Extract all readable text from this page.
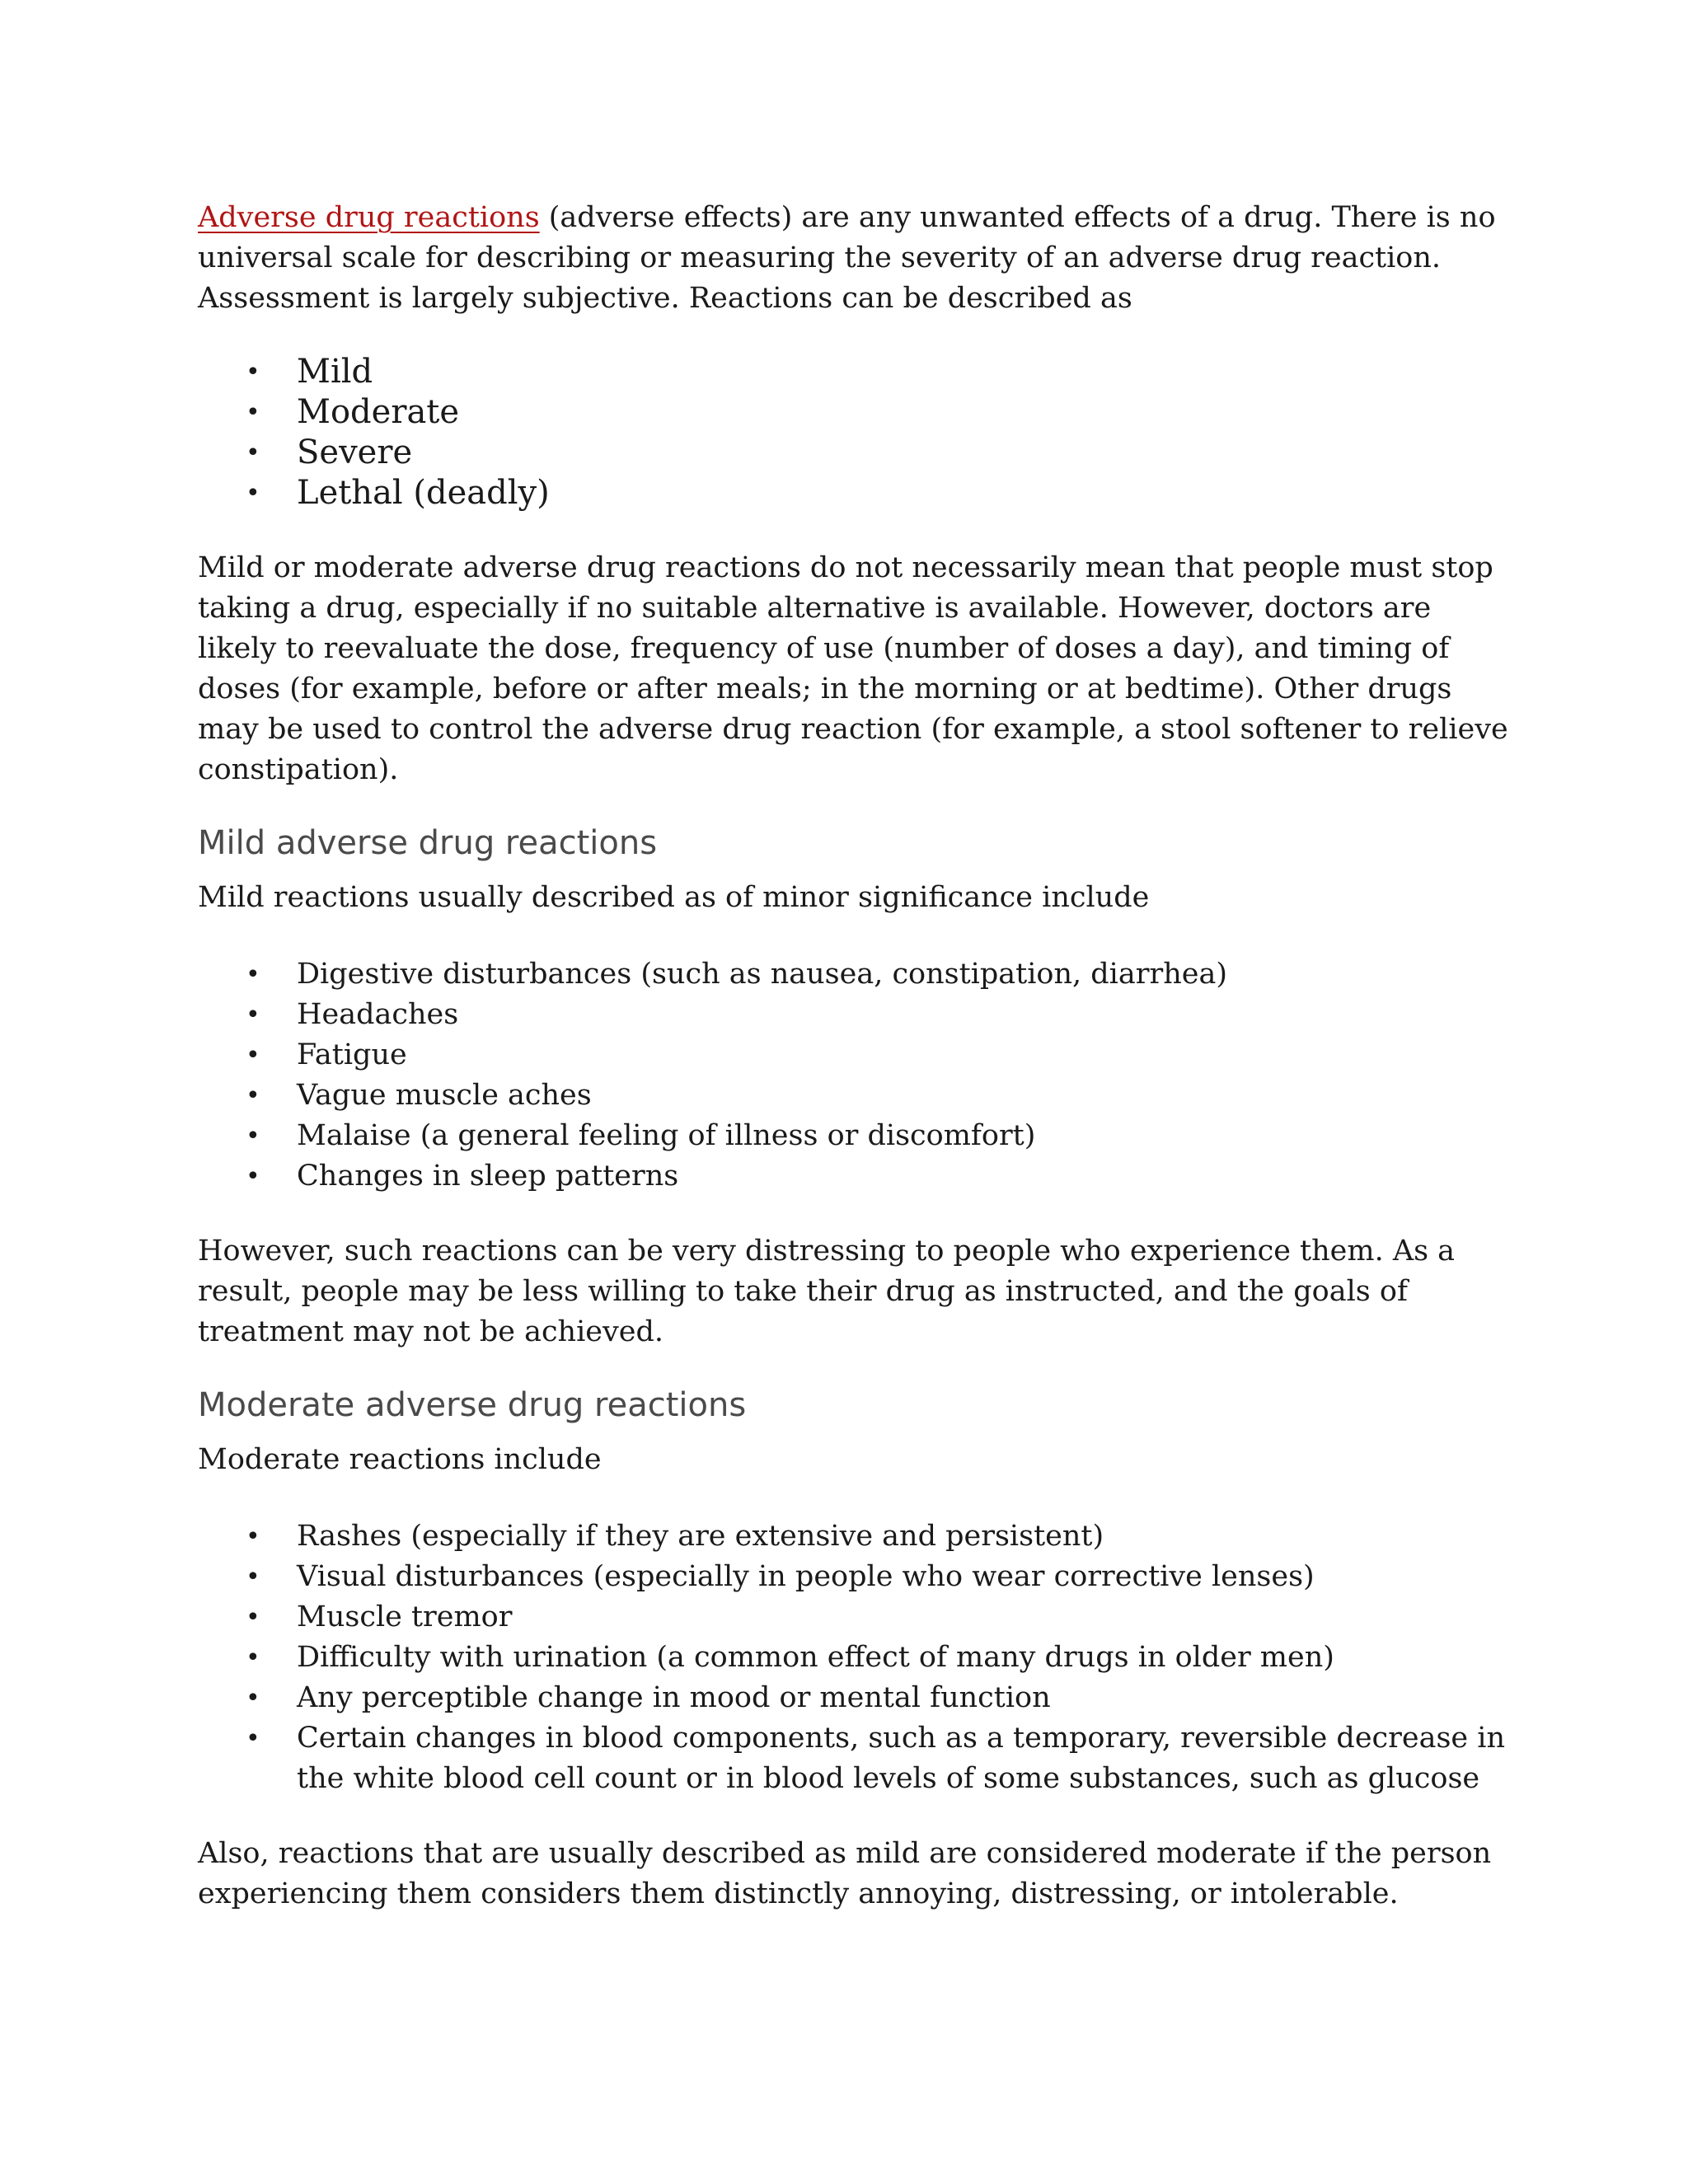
Adverse drug reactions (adverse effects) are any unwanted effects of a drug. There is no universal scale for describing or measuring the severity of an adverse drug reaction. Assessment is largely subjective. Reactions can be described as

• Mild
• Moderate
• Severe
• Lethal (deadly)

Mild or moderate adverse drug reactions do not necessarily mean that people must stop taking a drug, especially if no suitable alternative is available. However, doctors are likely to reevaluate the dose, frequency of use (number of doses a day), and timing of doses (for example, before or after meals; in the morning or at bedtime). Other drugs may be used to control the adverse drug reaction (for example, a stool softener to relieve constipation).

Mild adverse drug reactions

Mild reactions usually described as of minor significance include

• Digestive disturbances (such as nausea, constipation, diarrhea)
• Headaches
• Fatigue
• Vague muscle aches
• Malaise (a general feeling of illness or discomfort)
• Changes in sleep patterns

However, such reactions can be very distressing to people who experience them. As a result, people may be less willing to take their drug as instructed, and the goals of treatment may not be achieved.

Moderate adverse drug reactions

Moderate reactions include

• Rashes (especially if they are extensive and persistent)
• Visual disturbances (especially in people who wear corrective lenses)
• Muscle tremor
• Difficulty with urination (a common effect of many drugs in older men)
• Any perceptible change in mood or mental function
• Certain changes in blood components, such as a temporary, reversible decrease in the white blood cell count or in blood levels of some substances, such as glucose

Also, reactions that are usually described as mild are considered moderate if the person experiencing them considers them distinctly annoying, distressing, or intolerable.
